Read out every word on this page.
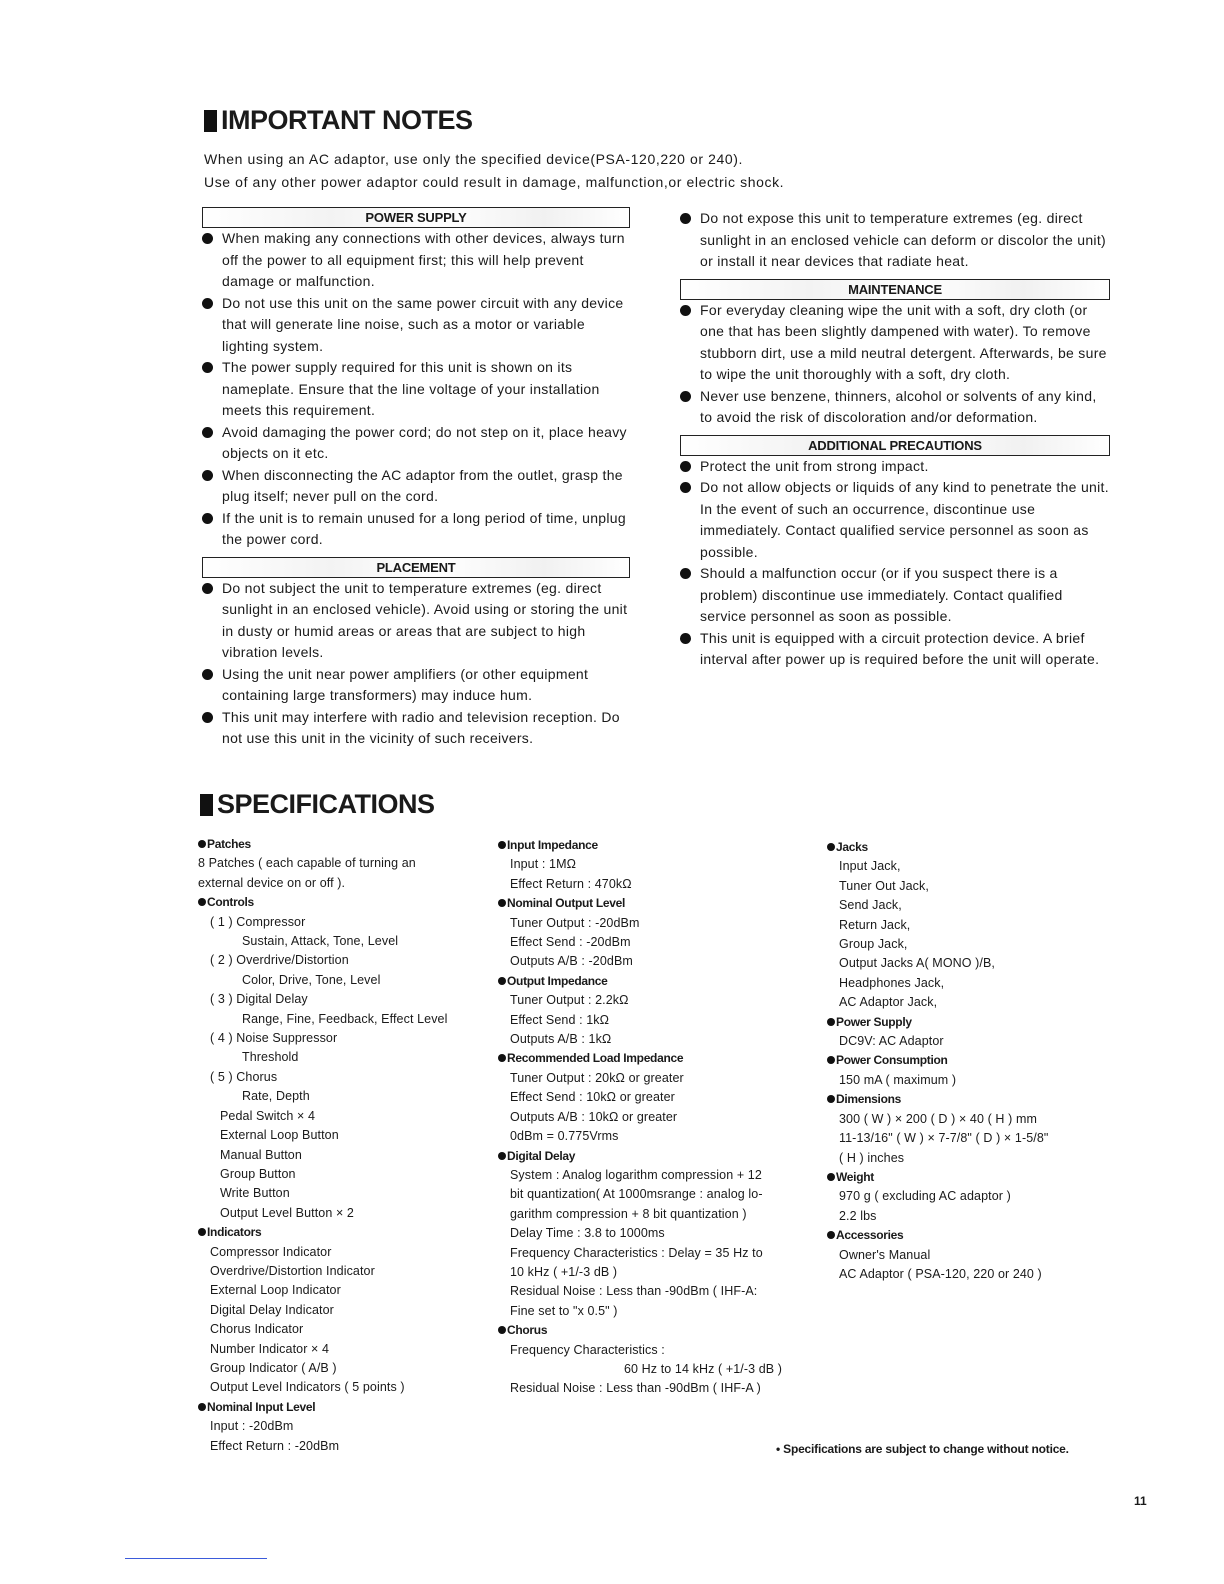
IMPORTANT NOTES
When using an AC adaptor, use only the specified device(PSA-120,220 or 240).
Use of any other power adaptor could result in damage, malfunction,or electric shock.
POWER SUPPLY
When making any connections with other devices, always turn off the power to all equipment first; this will help prevent damage or malfunction.
Do not use this unit on the same power circuit with any device that will generate line noise, such as a motor or variable lighting system.
The power supply required for this unit is shown on its nameplate. Ensure that the line voltage of your installation meets this requirement.
Avoid damaging the power cord; do not step on it, place heavy objects on it etc.
When disconnecting the AC adaptor from the outlet, grasp the plug itself; never pull on the cord.
If the unit is to remain unused for a long period of time, unplug the power cord.
PLACEMENT
Do not subject the unit to temperature extremes (eg. direct sunlight in an enclosed vehicle). Avoid using or storing the unit in dusty or humid areas or areas that are subject to high vibration levels.
Using the unit near power amplifiers (or other equipment containing large transformers) may induce hum.
This unit may interfere with radio and television reception. Do not use this unit in the vicinity of such receivers.
Do not expose this unit to temperature extremes (eg. direct sunlight in an enclosed vehicle can deform or discolor the unit) or install it near devices that radiate heat.
MAINTENANCE
For everyday cleaning wipe the unit with a soft, dry cloth (or one that has been slightly dampened with water). To remove stubborn dirt, use a mild neutral detergent. Afterwards, be sure to wipe the unit thoroughly with a soft, dry cloth.
Never use benzene, thinners, alcohol or solvents of any kind, to avoid the risk of discoloration and/or deformation.
ADDITIONAL PRECAUTIONS
Protect the unit from strong impact.
Do not allow objects or liquids of any kind to penetrate the unit. In the event of such an occurrence, discontinue use immediately. Contact qualified service personnel as soon as possible.
Should a malfunction occur (or if you suspect there is a problem) discontinue use immediately. Contact qualified service personnel as soon as possible.
This unit is equipped with a circuit protection device. A brief interval after power up is required before the unit will operate.
SPECIFICATIONS
Patches
8 Patches ( each capable of turning an
external device on or off ).
Controls
( 1 ) Compressor
Sustain, Attack, Tone, Level
( 2 ) Overdrive/Distortion
Color, Drive, Tone, Level
( 3 ) Digital Delay
Range, Fine, Feedback, Effect Level
( 4 ) Noise Suppressor
Threshold
( 5 ) Chorus
Rate, Depth
Pedal Switch × 4
External Loop Button
Manual Button
Group Button
Write Button
Output Level Button × 2
Indicators
Compressor Indicator
Overdrive/Distortion Indicator
External Loop Indicator
Digital Delay Indicator
Chorus Indicator
Number Indicator × 4
Group Indicator ( A/B )
Output Level Indicators ( 5 points )
Nominal Input Level
Input : -20dBm
Effect Return : -20dBm
Input Impedance
Input : 1MΩ
Effect Return : 470kΩ
Nominal Output Level
Tuner Output : -20dBm
Effect Send : -20dBm
Outputs A/B : -20dBm
Output Impedance
Tuner Output : 2.2kΩ
Effect Send : 1kΩ
Outputs A/B : 1kΩ
Recommended Load Impedance
Tuner Output : 20kΩ or greater
Effect Send : 10kΩ or greater
Outputs A/B : 10kΩ or greater
0dBm = 0.775Vrms
Digital Delay
System : Analog logarithm compression + 12
bit quantization( At 1000msrange : analog lo-
garithm compression + 8 bit quantization )
Delay Time : 3.8 to 1000ms
Frequency Characteristics : Delay = 35 Hz to
10 kHz ( +1/-3 dB )
Residual Noise : Less than -90dBm ( IHF-A:
Fine set to "x 0.5" )
Chorus
Frequency Characteristics :
60 Hz to 14 kHz ( +1/-3 dB )
Residual Noise : Less than -90dBm ( IHF-A )
Jacks
Input Jack,
Tuner Out Jack,
Send Jack,
Return Jack,
Group Jack,
Output Jacks A( MONO )/B,
Headphones Jack,
AC Adaptor Jack,
Power Supply
DC9V: AC Adaptor
Power Consumption
150 mA ( maximum )
Dimensions
300 ( W ) × 200 ( D ) × 40 ( H ) mm
11-13/16" ( W ) × 7-7/8" ( D ) × 1-5/8"
( H ) inches
Weight
970 g ( excluding AC adaptor )
2.2 lbs
Accessories
Owner's Manual
AC Adaptor ( PSA-120, 220 or 240 )
• Specifications are subject to change without notice.
11
